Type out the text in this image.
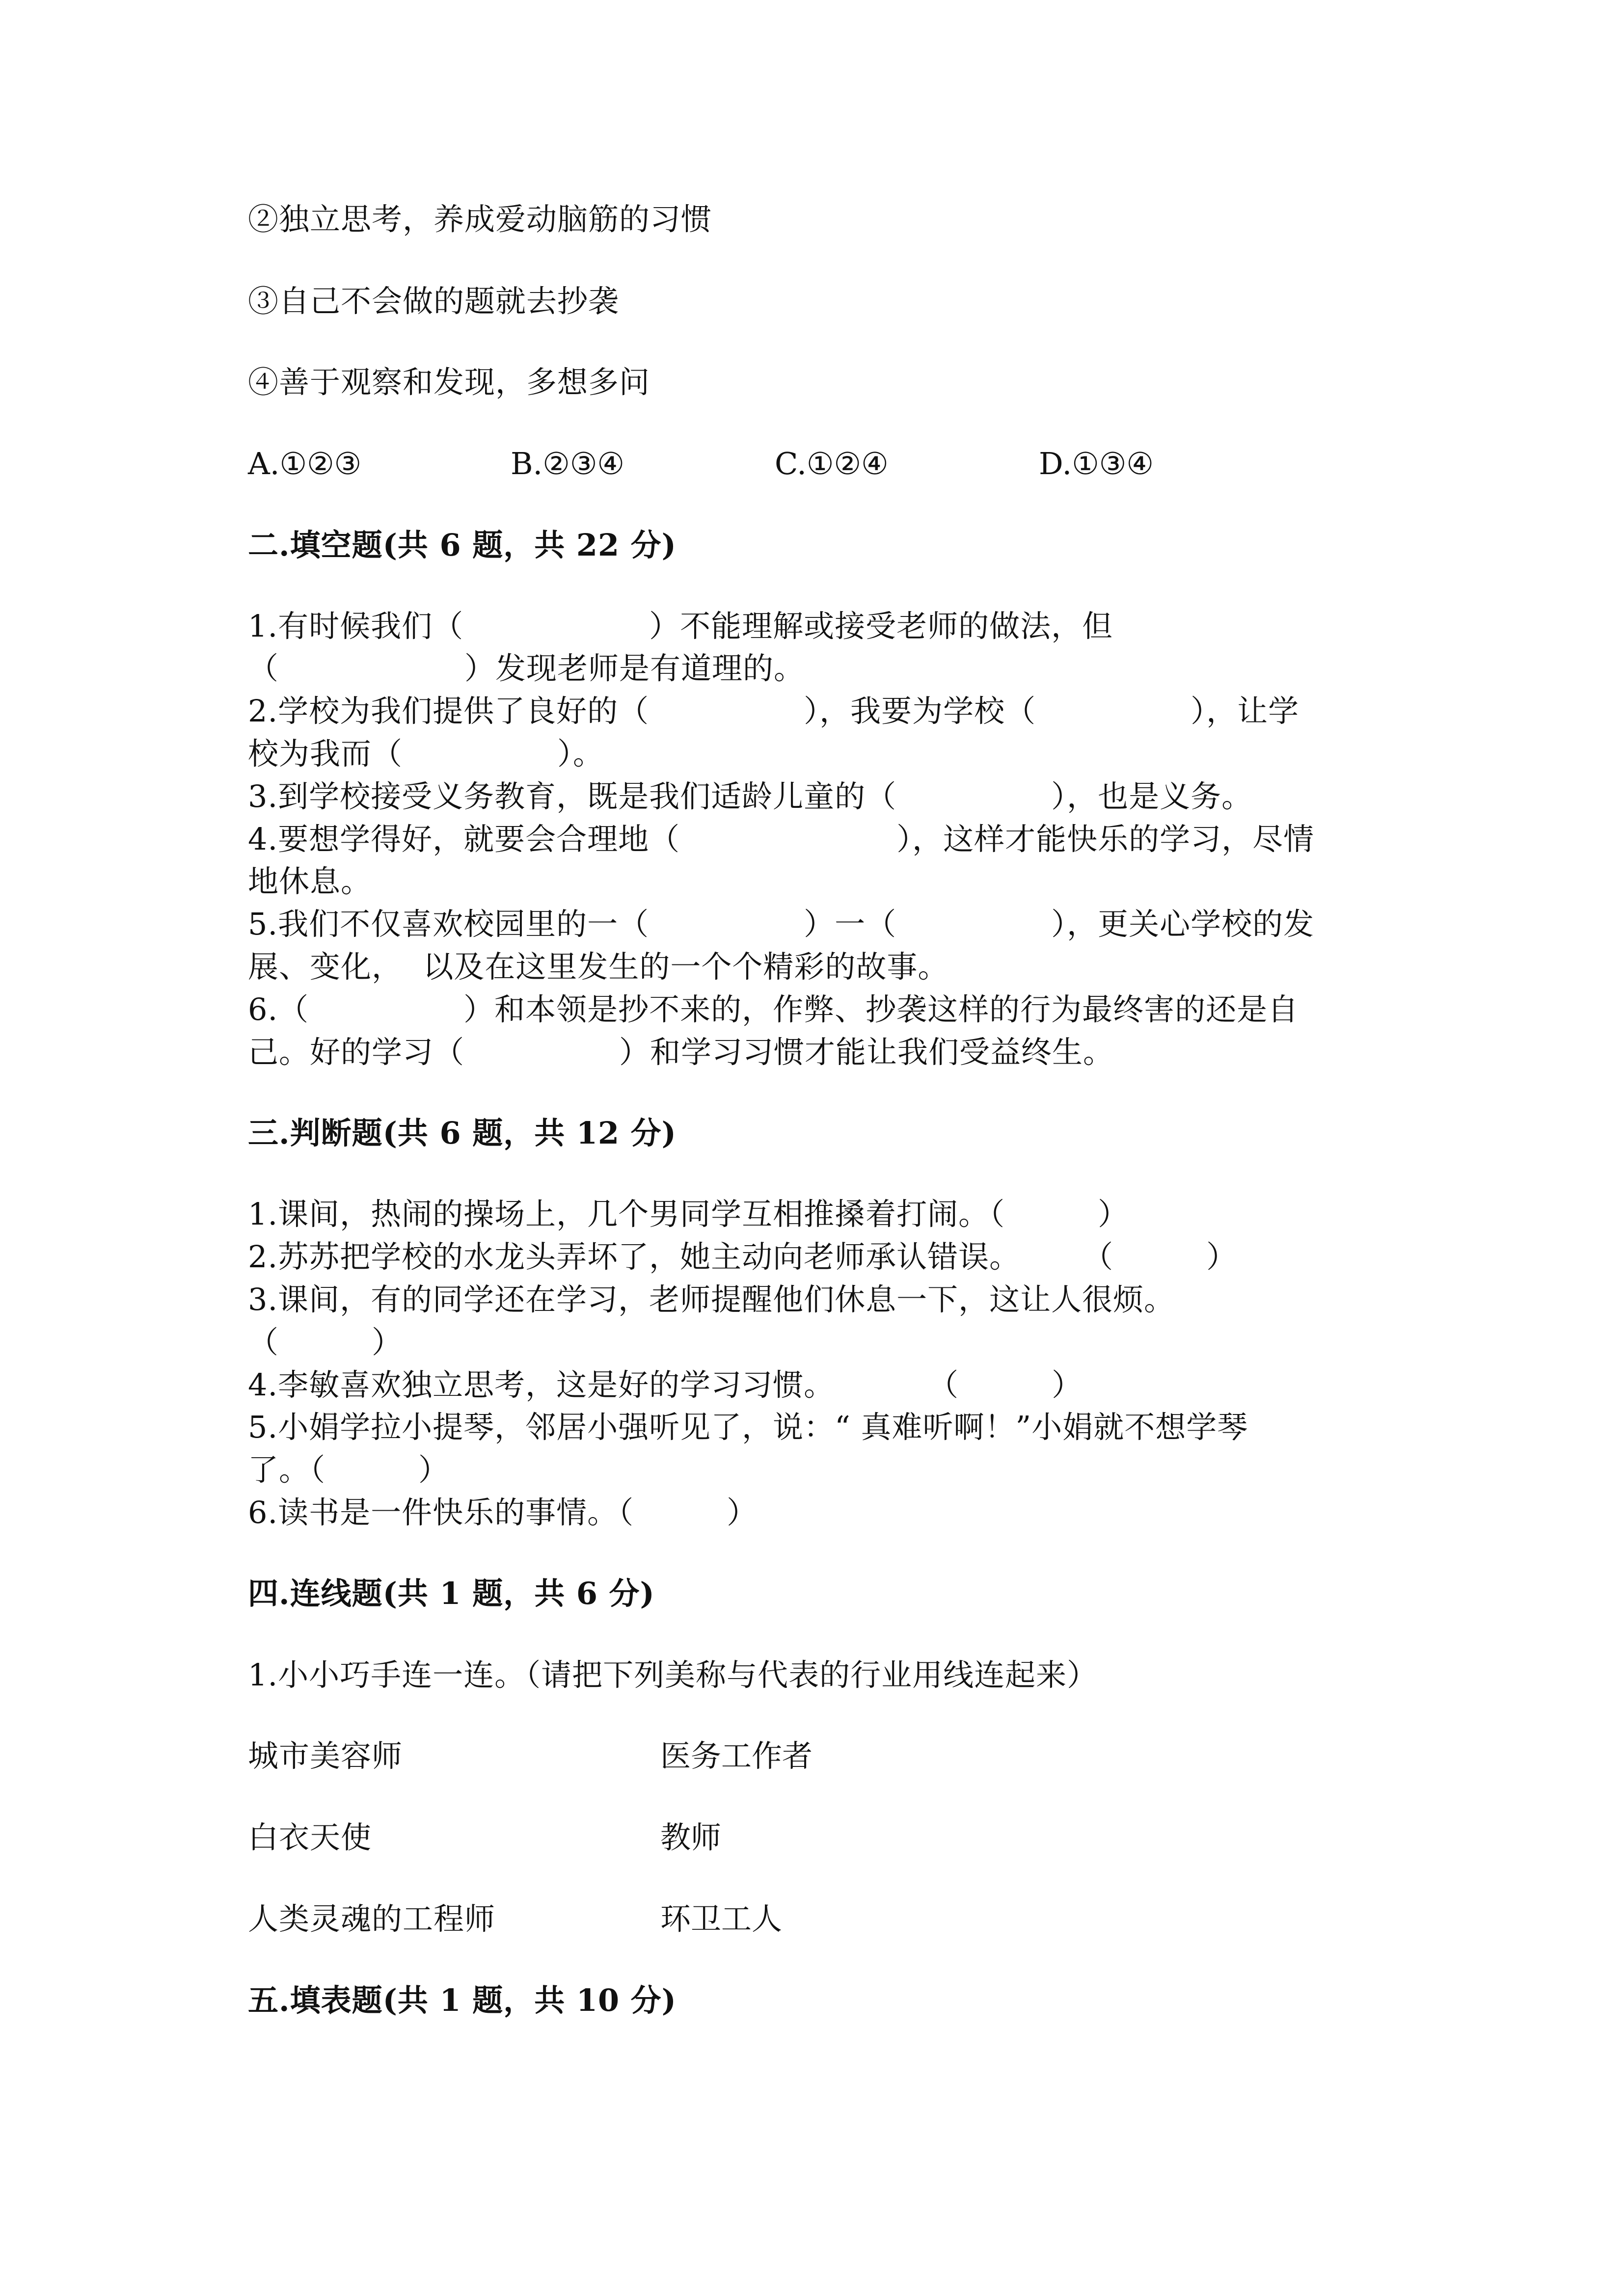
②独立思考，养成爱动脑筋的习惯
③自己不会做的题就去抄袭
④善于观察和发现，多想多问
A.①②③	B.②③④	C.①②④	D.①③④
二.填空题(共 6 题，共 22 分)
1.有时候我们（　　　　　　）不能理解或接受老师的做法，但
（　　　　　　）发现老师是有道理的。
2.学校为我们提供了良好的（　　　　　），我要为学校（　　　　　），让学
校为我而（　　　　　）。
3.到学校接受义务教育，既是我们适龄儿童的（　　　　　），也是义务。
4.要想学得好，就要会合理地（　　　　　　　），这样才能快乐的学习，尽情
地休息。
5.我们不仅喜欢校园里的一（　　　　　）一（　　　　　），更关心学校的发
展、变化，  以及在这里发生的一个个精彩的故事。
6.（　　　　　）和本领是抄不来的，作弊、抄袭这样的行为最终害的还是自
己。好的学习（　　　　　）和学习习惯才能让我们受益终生。
三.判断题(共 6 题，共 12 分)
1.课间，热闹的操场上，几个男同学互相推搡着打闹。（　　　）
2.苏苏把学校的水龙头弄坏了，她主动向老师承认错误。　　　（　　　）
3.课间，有的同学还在学习，老师提醒他们休息一下，这让人很烦。
（　　　）
4.李敏喜欢独立思考，这是好的学习习惯。　　　　（　　　）
5.小娟学拉小提琴，邻居小强听见了，说：“ 真难听啊！”小娟就不想学琴
了。（　　　）
6.读书是一件快乐的事情。（　　　）
四.连线题(共 1 题，共 6 分)
1.小小巧手连一连。（请把下列美称与代表的行业用线连起来）
城市美容师	医务工作者
白衣天使	教师
人类灵魂的工程师	环卫工人
五.填表题(共 1 题，共 10 分)
